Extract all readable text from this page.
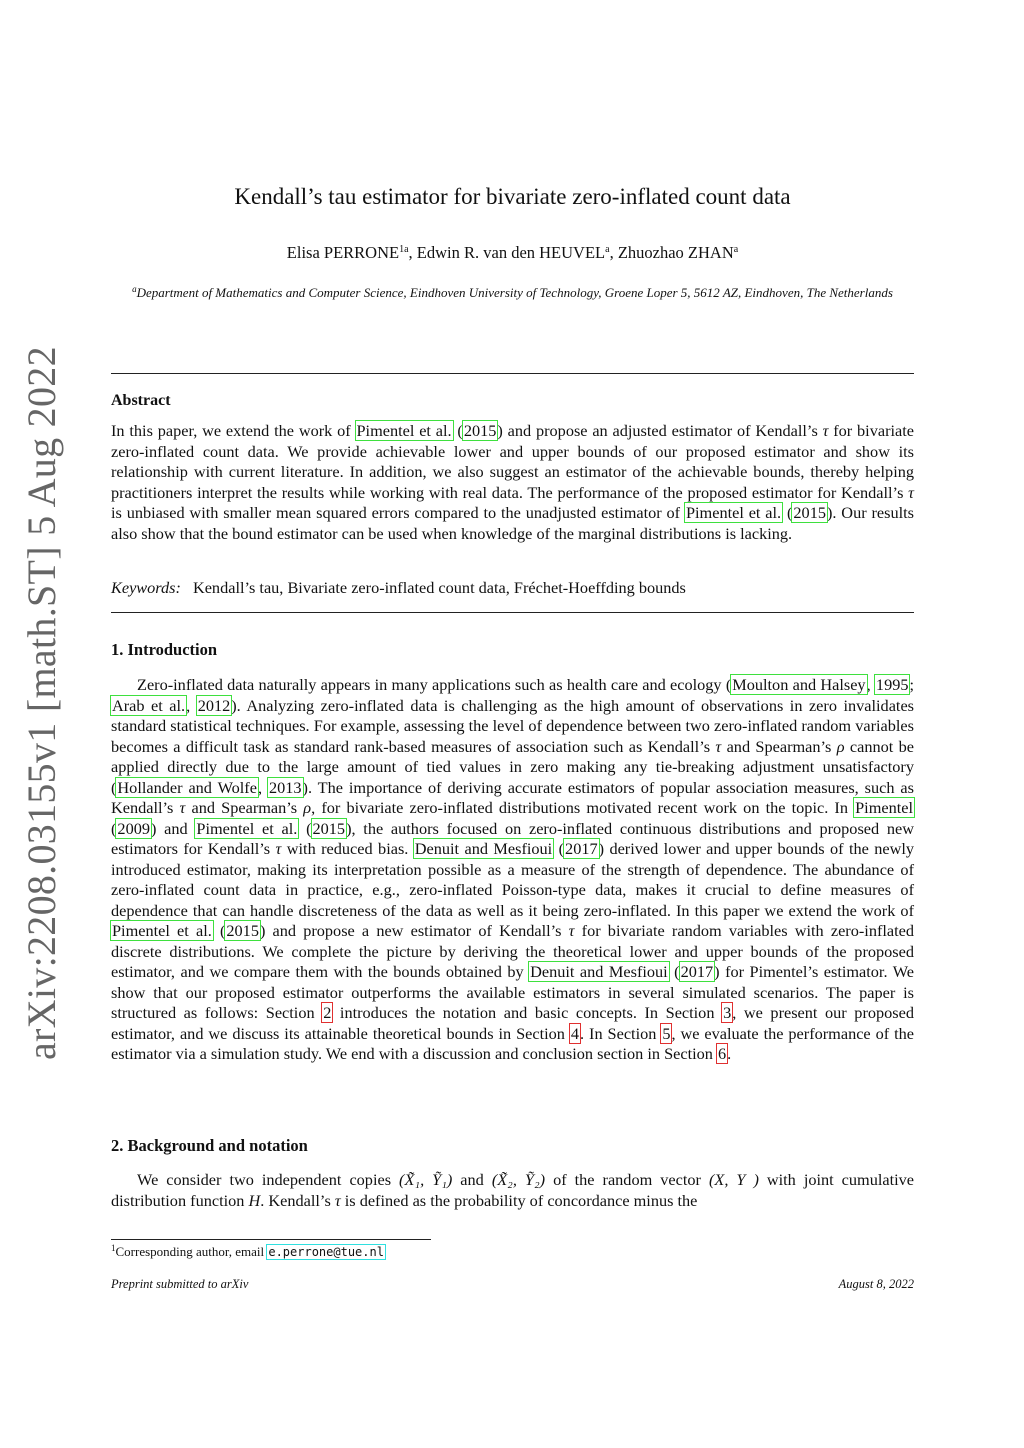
arXiv:2208.03155v1 [math.ST] 5 Aug 2022
Kendall’s tau estimator for bivariate zero-inflated count data
Elisa $PERRONE^{1a}$, Edwin R. van den HEUVEL$^a$, Zhuozhao ZHAN$^a$
$^a$Department of Mathematics and Computer Science, Eindhoven University of Technology, Groene Loper 5, 5612 AZ, Eindhoven, The Netherlands
Abstract
In this paper, we extend the work of Pimentel et al. (2015) and propose an adjusted estimator of Kendall’s τ for bivariate zero-inflated count data. We provide achievable lower and upper bounds of our proposed estimator and show its relationship with current literature. In addition, we also suggest an estimator of the achievable bounds, thereby helping practitioners interpret the results while working with real data. The performance of the proposed estimator for Kendall’s τ is unbiased with smaller mean squared errors compared to the unadjusted estimator of Pimentel et al. (2015). Our results also show that the bound estimator can be used when knowledge of the marginal distributions is lacking.
Keywords: Kendall’s tau, Bivariate zero-inflated count data, Fréchet-Hoeffding bounds
1. Introduction
Zero-inflated data naturally appears in many applications such as health care and ecology (Moulton and Halsey, 1995; Arab et al., 2012). Analyzing zero-inflated data is challenging as the high amount of observations in zero invalidates standard statistical techniques. For example, assessing the level of dependence between two zero-inflated random variables becomes a difficult task as standard rank-based measures of association such as Kendall’s τ and Spearman’s ρ cannot be applied directly due to the large amount of tied values in zero making any tie-breaking adjustment unsatisfactory (Hollander and Wolfe, 2013). The importance of deriving accurate estimators of popular association measures, such as Kendall’s τ and Spearman’s ρ, for bivariate zero-inflated distributions motivated recent work on the topic. In Pimentel (2009) and Pimentel et al. (2015), the authors focused on zero-inflated continuous distributions and proposed new estimators for Kendall’s τ with reduced bias. Denuit and Mesfioui (2017) derived lower and upper bounds of the newly introduced estimator, making its interpretation possible as a measure of the strength of dependence. The abundance of zero-inflated count data in practice, e.g., zero-inflated Poisson-type data, makes it crucial to define measures of dependence that can handle discreteness of the data as well as it being zero-inflated. In this paper we extend the work of Pimentel et al. (2015) and propose a new estimator of Kendall’s τ for bivariate random variables with zero-inflated discrete distributions. We complete the picture by deriving the theoretical lower and upper bounds of the proposed estimator, and we compare them with the bounds obtained by Denuit and Mesfioui (2017) for Pimentel’s estimator. We show that our proposed estimator outperforms the available estimators in several simulated scenarios. The paper is structured as follows: Section 2 introduces the notation and basic concepts. In Section 3, we present our proposed estimator, and we discuss its attainable theoretical bounds in Section 4. In Section 5, we evaluate the performance of the estimator via a simulation study. We end with a discussion and conclusion section in Section 6.
2. Background and notation
We consider two independent copies (X̃₁, Ỹ₁) and (X̃₂, Ỹ₂) of the random vector (X, Y ) with joint cumulative distribution function H. Kendall’s τ is defined as the probability of concordance minus the
$^1$Corresponding author, email e.perrone@tue.nl
Preprint submitted to arXiv	August 8, 2022
